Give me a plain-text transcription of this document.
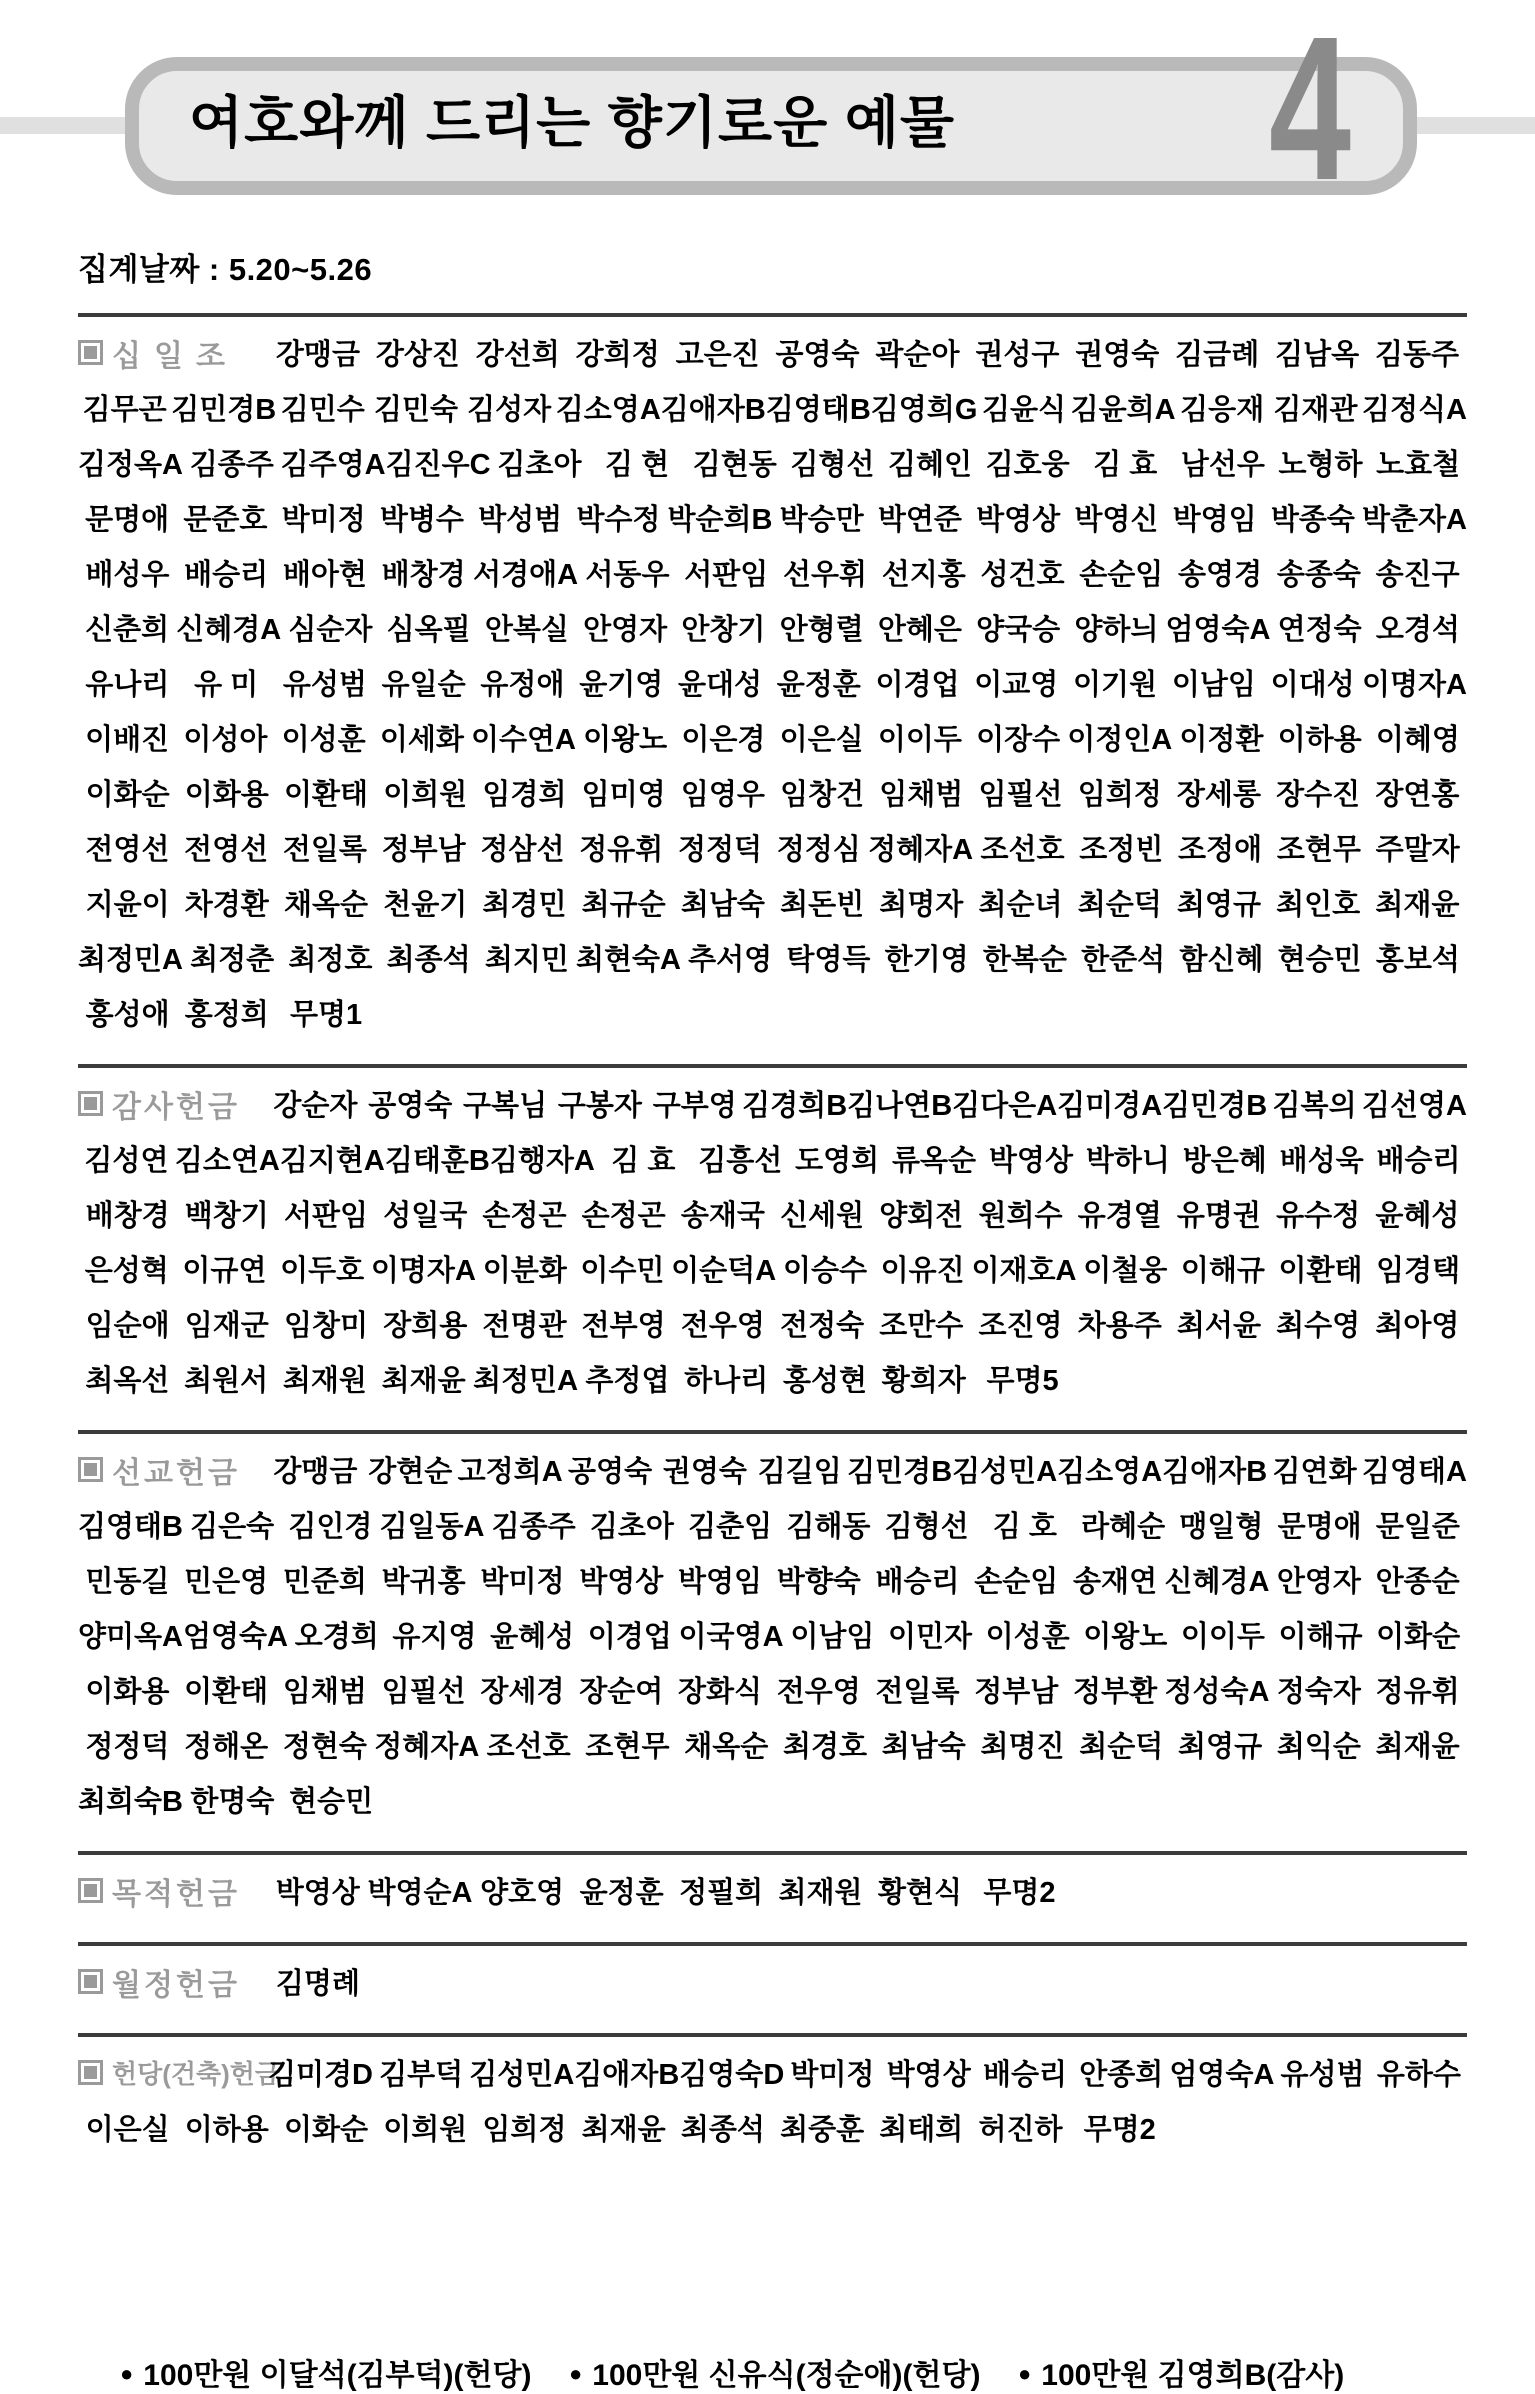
여호와께 드리는 향기로운 예물 4
집계날짜 : 5.20~5.26
십일조 강맹금 강상진 강선희 강희정 고은진 공영숙 곽순아 권성구 권영숙 김금례 김남옥 김동주
김무곤 김민경B 김민수 김민숙 김성자 김소영A 김애자B 김영태B 김영희G 김윤식 김윤희A 김응재 김재관 김정식A
김정옥A 김종주 김주영A 김진우C 김초아 김 현 김현동 김형선 김혜인 김호웅 김 효 남선우 노형하 노효철
문명애 문준호 박미정 박병수 박성범 박수정 박순희B 박승만 박연준 박영상 박영신 박영임 박종숙 박춘자A
배성우 배승리 배아현 배창경 서경애A 서동우 서판임 선우휘 선지홍 성건호 손순임 송영경 송종숙 송진구
신춘희 신혜경A 심순자 심옥필 안복실 안영자 안창기 안형렬 안혜은 양국승 양하늬 엄영숙A 연정숙 오경석
유나리 유 미 유성범 유일순 유정애 윤기영 윤대성 윤정훈 이경업 이교영 이기원 이남임 이대성 이명자A
이배진 이성아 이성훈 이세화 이수연A 이왕노 이은경 이은실 이이두 이장수 이정인A 이정환 이하용 이혜영
이화순 이화용 이환태 이희원 임경희 임미영 임영우 임창건 임채범 임필선 임희정 장세롱 장수진 장연홍
전영선 전영선 전일록 정부남 정삼선 정유휘 정정덕 정정심 정혜자A 조선호 조정빈 조정애 조현무 주말자
지윤이 차경환 채옥순 천윤기 최경민 최규순 최남숙 최돈빈 최명자 최순녀 최순덕 최영규 최인호 최재윤
최정민A 최정춘 최정호 최종석 최지민 최현숙A 추서영 탁영득 한기영 한복순 한준석 함신혜 현승민 홍보석
홍성애 홍정희 무명1
감사헌금 강순자 공영숙 구복님 구봉자 구부영 김경희B 김나연B 김다은A 김미경A 김민경B 김복의 김선영A
김성연 김소연A 김지현A 김태훈B 김행자A 김 효 김흥선 도영희 류옥순 박영상 박하니 방은혜 배성욱 배승리
배창경 백창기 서판임 성일국 손정곤 손정곤 송재국 신세원 양회전 원희수 유경열 유명권 유수정 윤혜성
은성혁 이규연 이두호 이명자A 이분화 이수민 이순덕A 이승수 이유진 이재호A 이철웅 이해규 이환태 임경택
임순애 임재군 임창미 장희용 전명관 전부영 전우영 전정숙 조만수 조진영 차용주 최서윤 최수영 최아영
최옥선 최원서 최재원 최재윤 최정민A 추정엽 하나리 홍성현 황희자 무명5
선교헌금 강맹금 강현순 고정희A 공영숙 권영숙 김길임 김민경B 김성민A 김소영A 김애자B 김연화 김영태A
김영태B 김은숙 김인경 김일동A 김종주 김초아 김춘임 김해동 김형선 김 호 라혜순 맹일형 문명애 문일준
민동길 민은영 민준희 박귀홍 박미정 박영상 박영임 박향숙 배승리 손순임 송재연 신혜경A 안영자 안종순
양미옥A 엄영숙A 오경희 유지영 윤혜성 이경업 이국영A 이남임 이민자 이성훈 이왕노 이이두 이해규 이화순
이화용 이환태 임채범 임필선 장세경 장순여 장화식 전우영 전일록 정부남 정부환 정성숙A 정숙자 정유휘
정정덕 정해온 정현숙 정혜자A 조선호 조현무 채옥순 최경호 최남숙 최명진 최순덕 최영규 최익순 최재윤
최희숙B 한명숙 현승민
목적헌금 박영상 박영순A 양호영 윤정훈 정필희 최재원 황현식 무명2
월정헌금 김명례
헌당(건축)헌금
김미경D 김부덕 김성민A 김애자B 김영숙D 박미정 박영상 배승리 안종희 엄영숙A 유성범 유하수
이은실 이하용 이화순 이희원 임희정 최재윤 최종석 최중훈 최태희 허진하 무명2
● 100만원 이달석(김부덕)(헌당)	● 100만원 신유식(정순애)(헌당)	● 100만원 김영희B(감사)
